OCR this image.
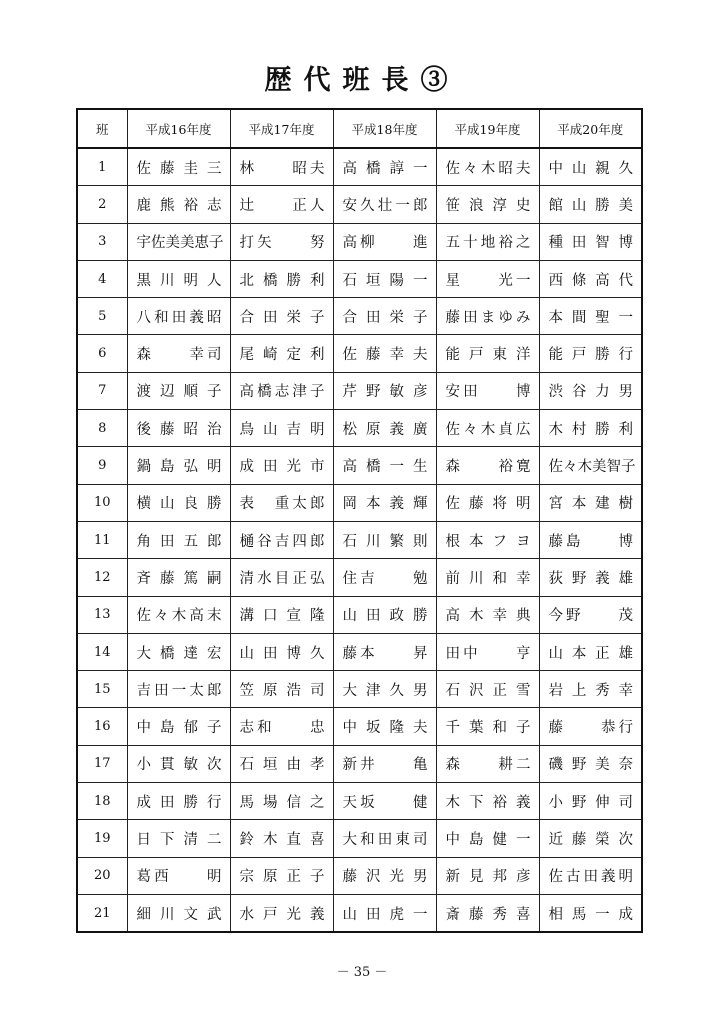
歴代班長③
班	平成16年度	平成17年度	平成18年度	平成19年度	平成20年度
1	佐藤圭三	林　　昭夫	高橋諄一	佐々木昭夫	中山親久
2	鹿熊裕志	辻　　正人	安久壮一郎	笹浪淳史	館山勝美
3	宇佐美美恵子	打矢　　努	高柳　　進	五十地裕之	種田智博
4	黒川明人	北橋勝利	石垣陽一	星　　光一	西條高代
5	八和田義昭	合田栄子	合田栄子	藤田まゆみ	本間聖一
6	森　　幸司	尾崎定利	佐藤幸夫	能戸東洋	能戸勝行
7	渡辺順子	高橋志津子	芹野敏彦	安田　　博	渋谷力男
8	後藤昭治	鳥山吉明	松原義廣	佐々木貞広	木村勝利
9	鍋島弘明	成田光市	高橋一生	森　　裕寛	佐々木美智子
10	横山良勝	表　重太郎	岡本義輝	佐藤将明	宮本建樹
11	角田五郎	樋谷吉四郎	石川繁則	根本フヨ	藤島　　博
12	斉藤篤嗣	清水目正弘	住吉　　勉	前川和幸	荻野義雄
13	佐々木高末	溝口宣隆	山田政勝	高木幸典	今野　　茂
14	大橋達宏	山田博久	藤本　　昇	田中　　亨	山本正雄
15	吉田一太郎	笠原浩司	大津久男	石沢正雪	岩上秀幸
16	中島郁子	志和　　忠	中坂隆夫	千葉和子	藤　　恭行
17	小貫敏次	石垣由孝	新井　　亀	森　　耕二	磯野美奈
18	成田勝行	馬場信之	天坂　　健	木下裕義	小野伸司
19	日下清二	鈴木直喜	大和田東司	中島健一	近藤榮次
20	葛西　　明	宗原正子	藤沢光男	新見邦彦	佐古田義明
21	細川文武	水戸光義	山田虎一	斎藤秀喜	相馬一成
－ 35 －
